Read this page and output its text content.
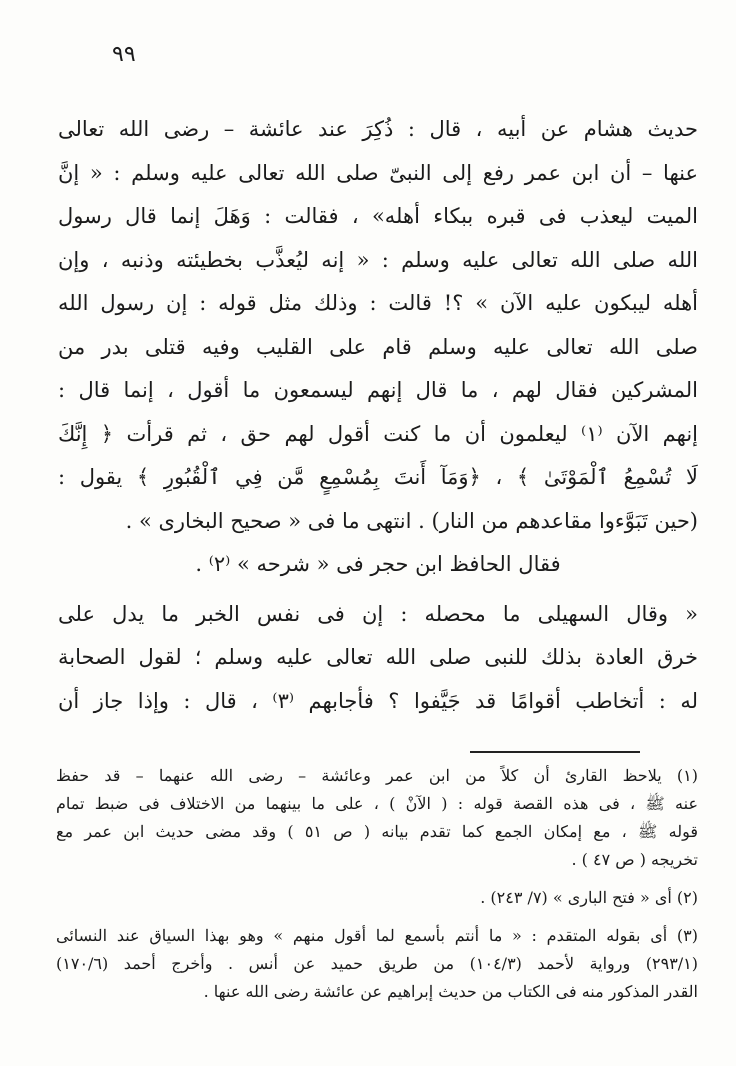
٩٩
حديث هشام عن أبيه ، قال : ذُكِرَ عند عائشة – رضى الله تعالى
عنها – أن ابن عمر رفع إلى النبىّ صلى الله تعالى عليه وسلم : « إنَّ
الميت ليعذب فى قبره ببكاء أهله» ، فقالت : وَهَلَ إنما قال رسول
الله صلى الله تعالى عليه وسلم : « إنه ليُعذَّب بخطيئته وذنبه ، وإن
أهله ليبكون عليه الآن » ؟! قالت : وذلك مثل قوله : إن رسول الله
صلى الله تعالى عليه وسلم قام على القليب وفيه قتلى بدر من
المشركين فقال لهم ، ما قال إنهم ليسمعون ما أقول ، إنما قال :
إنهم الآن ⁽١⁾ ليعلمون أن ما كنت أقول لهم حق ، ثم قرأت ﴿ إِنَّكَ
لَا تُسْمِعُ ٱلْمَوْتَىٰ ﴾ ، ﴿وَمَآ أَنتَ بِمُسْمِعٍ مَّن فِي ٱلْقُبُورِ ﴾ يقول :
(حين تَبَوَّءوا مقاعدهم من النار) . انتهى ما فى « صحيح البخارى » .
فقال الحافظ ابن حجر فى « شرحه » ⁽٢⁾ .
« وقال السهيلى ما محصله : إن فى نفس الخبر ما يدل على
خرق العادة بذلك للنبى صلى الله تعالى عليه وسلم ؛ لقول الصحابة
له : أتخاطب أقوامًا قد جَيَّفوا ؟ فأجابهم ⁽٣⁾ ، قال : وإذا جاز أن
(١) يلاحظ القارئ أن كلاً من ابن عمر وعائشة – رضى الله عنهما – قد حفظ
عنه ﷺ ، فى هذه القصة قوله : ( الآنْ ) ، على ما بينهما من الاختلاف فى ضبط تمام
قوله ﷺ ، مع إمكان الجمع كما تقدم بيانه ( ص ٥١ ) وقد مضى حديث ابن عمر مع
تخريجه ( ص ٤٧ ) .
(٢) أى « فتح البارى » (٧/ ٢٤٣) .
(٣) أى بقوله المتقدم : « ما أنتم بأسمع لما أقول منهم » وهو بهذا السياق عند النسائى
(٢٩٣/١) ورواية لأحمد (١٠٤/٣) من طريق حميد عن أنس . وأخرج أحمد (١٧٠/٦)
القدر المذكور منه فى الكتاب من حديث إبراهيم عن عائشة رضى الله عنها .
